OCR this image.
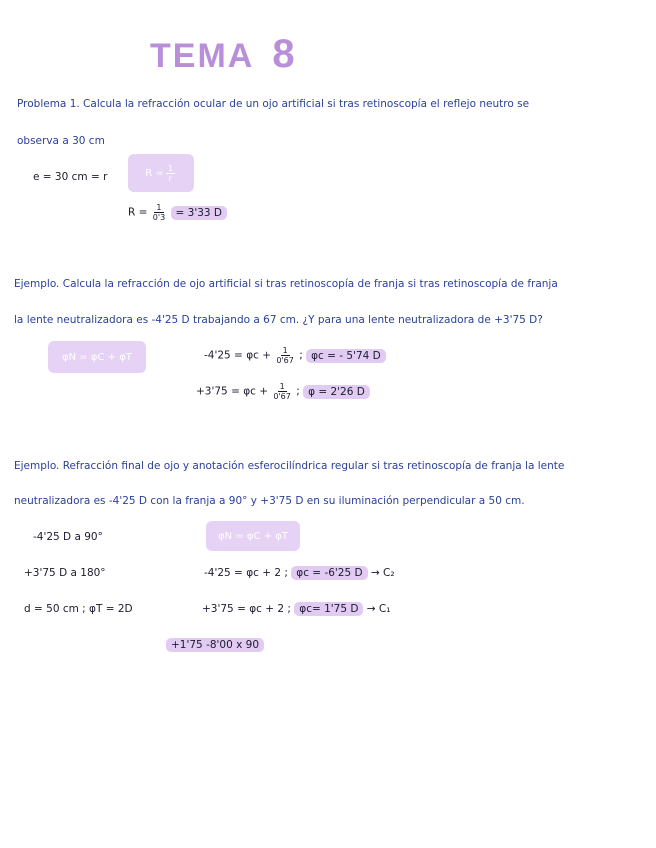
TEMA 8
Problema 1. Calcula la refracción ocular de un ojo artificial si tras retinoscopía el reflejo neutro se
observa a 30 cm
e = 30 cm = r	$R = \frac{1}{r}$
$R = \frac{1}{0'3} = 3'33$ D
Ejemplo. Calcula la refracción de ojo artificial si tras retinoscopía de franja si tras retinoscopía de franja
la lente neutralizadora es -4'25 D trabajando a 67 cm. ¿Y para una lente neutralizadora de +3'75 D?
φN = φC + φT	$-4'25 = \varphi c + \frac{1}{0'67}$ ; φc = - 5'74 D
$+3'75 = \varphi c + \frac{1}{0'67}$ ; φ = 2'26 D
Ejemplo. Refracción final de ojo y anotación esferocilíndrica regular si tras retinoscopía de franja la lente
neutralizadora es -4'25 D con la franja a 90° y +3'75 D en su iluminación perpendicular a 50 cm.
-4'25 D a 90°	φN = φC + φT
+3'75 D a 180°	-4'25 = φc + 2 ; φc = -6'25 D → C₂
d = 50 cm ; φT = 2D	+3'75 = φc + 2 ; φc= 1'75 D → C₁
+1'75 -8'00 x 90
